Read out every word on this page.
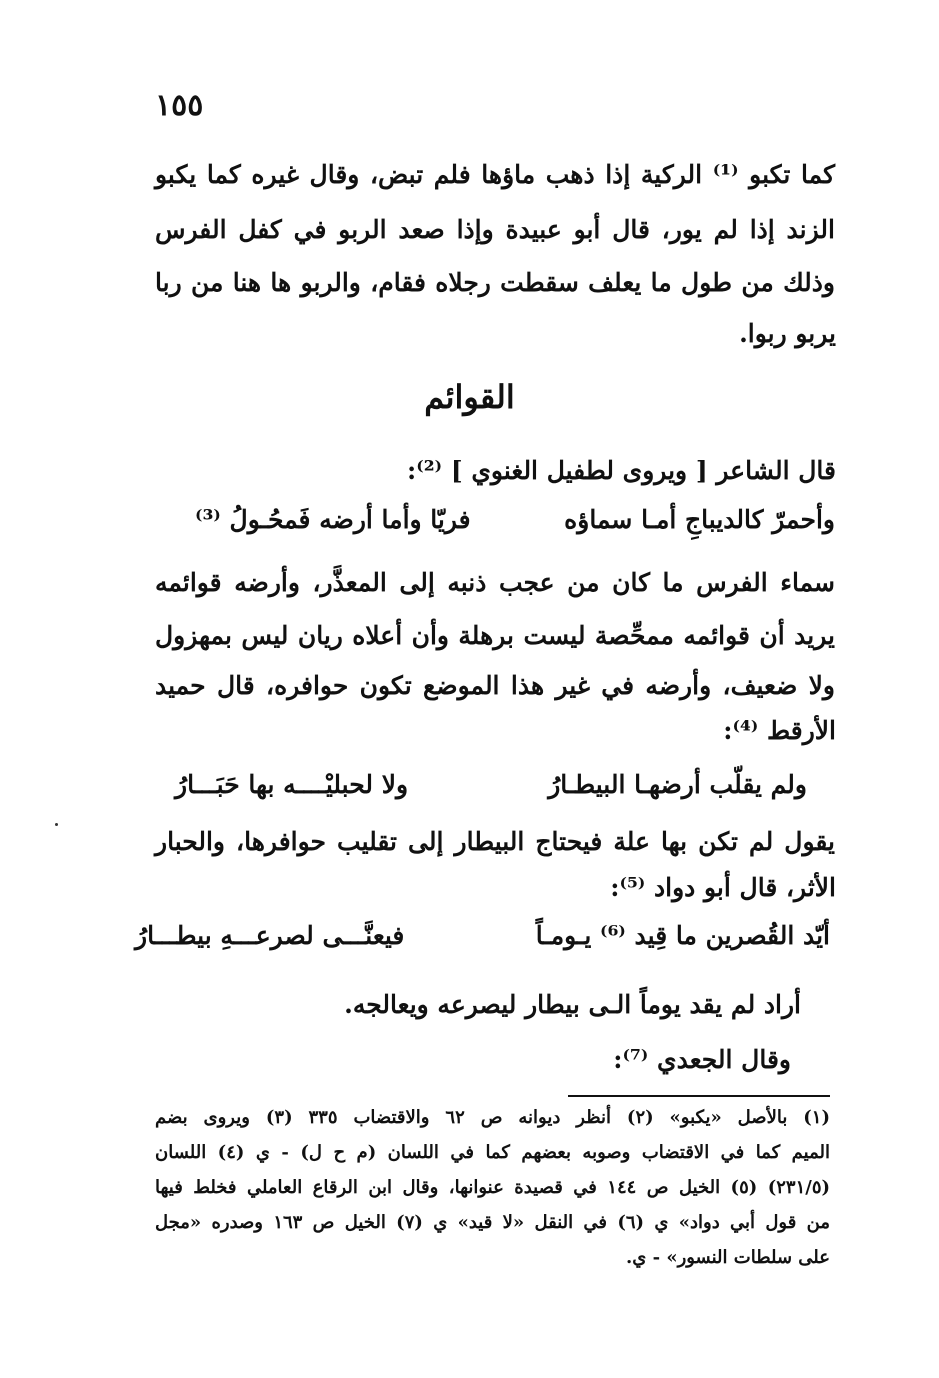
١٥٥
كما تكبو ⁽¹⁾ الركية إذا ذهب ماؤها فلم تبض، وقال غيره كما يكبو
الزند إذا لم يور، قال أبو عبيدة وإذا صعد الربو في كفل الفرس
وذلك من طول ما يعلف سقطت رجلاه فقام، والربو ها هنا من ربا
يربو ربوا.
القوائم
قال الشاعر [ ويروى لطفيل الغنوي ] ⁽²⁾:
وأحمرّ كالديباجِ أمـا سماؤه
فريّا وأما أرضه فَمحُـولُ ⁽³⁾
سماء الفرس ما كان من عجب ذنبه إلى المعذَّر، وأرضه قوائمه
يريد أن قوائمه ممحِّصة ليست برهلة وأن أعلاه ريان ليس بمهزول
ولا ضعيف، وأرضه في غير هذا الموضع تكون حوافره، قال حميد
الأرقط ⁽⁴⁾:
ولم يقلّب أرضهـا البيطـارُ
ولا لحبليْــــه بها حَبَـــارُ
يقول لم تكن بها علة فيحتاج البيطار إلى تقليب حوافرها، والحبار
الأثر، قال أبو دواد ⁽⁵⁾:
أيّد القُصرين ما قِيد ⁽⁶⁾ يـومـاً
فيعنَّـــى لصرعـــهِ بيطـــارُ
أراد لم يقد يوماً الـى بيطار ليصرعه ويعالجه.
وقال الجعدي ⁽⁷⁾:
(١) بالأصل «يكبو» (٢) أنظر ديوانه ص ٦٢ والاقتضاب ٣٣٥ (٣) ويروى بضم
الميم كما في الاقتضاب وصوبه بعضهم كما في اللسان (م ح ل) - ي (٤) اللسان
(٢٣١/٥) (٥) الخيل ص ١٤٤ في قصيدة عنوانها، وقال ابن الرقاع العاملي فخلط فيها
من قول أبي دواد» ي (٦) في النقل «لا قيد» ي (٧) الخيل ص ١٦٣ وصدره «مجل
على سلطات النسور» - ي.
